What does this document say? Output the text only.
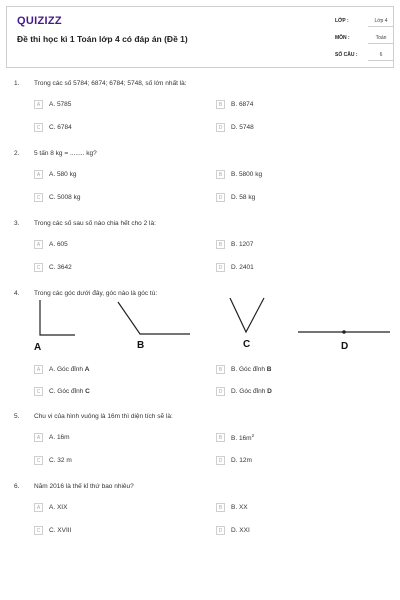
QUIZIZZ
Đề thi học kì 1 Toán lớp 4 có đáp án (Đề 1)
LỚP :	Lớp 4
MÔN :	Toán
SỐ CÂU :	6
1. Trong các số 5784; 6874; 6784; 5748, số lớn nhất là:
A	A. 5785	B	B. 6874
C	C. 6784	D	D. 5748
2. 5 tấn 8 kg = ........ kg?
A	A. 580 kg	B	B. 5800 kg
C	C. 5008 kg	D	D. 58 kg
3. Trong các số sau số nào chia hết cho 2 là:
A	A. 605	B	B. 1207
C	C. 3642	D	D. 2401
4. Trong các góc dưới đây, góc nào là góc tù:
A	B	C	D
A	A. Góc đỉnh A	B	B. Góc đỉnh B
C	C. Góc đỉnh C	D	D. Góc đỉnh D
5. Chu vi của hình vuông là 16m thì diện tích sẽ là:
A	A. 16m	B	B. $16m^2$
C	C. 32 m	D	D. 12m
6. Năm 2016 là thế kỉ thứ bao nhiêu?
A	A. XIX	B	B. XX
C	C. XVIII	D	D. XXI
